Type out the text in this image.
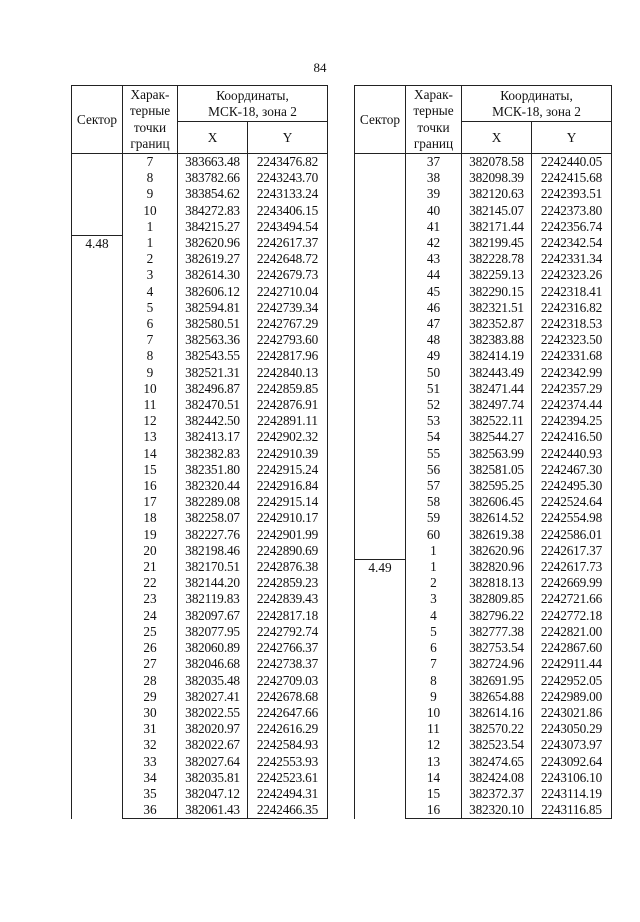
84
Сектор	Харак-
терные
точки
границ	Координаты,
МСК-18, зона 2	
		X	Y
	7	383663.48	2243476.82
	8	383782.66	2243243.70
	9	383854.62	2243133.24
	10	384272.83	2243406.15
	1	384215.27	2243494.54
4.48	1	382620.96	2242617.37
	2	382619.27	2242648.72
	3	382614.30	2242679.73
	4	382606.12	2242710.04
	5	382594.81	2242739.34
	6	382580.51	2242767.29
	7	382563.36	2242793.60
	8	382543.55	2242817.96
	9	382521.31	2242840.13
	10	382496.87	2242859.85
	11	382470.51	2242876.91
	12	382442.50	2242891.11
	13	382413.17	2242902.32
	14	382382.83	2242910.39
	15	382351.80	2242915.24
	16	382320.44	2242916.84
	17	382289.08	2242915.14
	18	382258.07	2242910.17
	19	382227.76	2242901.99
	20	382198.46	2242890.69
	21	382170.51	2242876.38
	22	382144.20	2242859.23
	23	382119.83	2242839.43
	24	382097.67	2242817.18
	25	382077.95	2242792.74
	26	382060.89	2242766.37
	27	382046.68	2242738.37
	28	382035.48	2242709.03
	29	382027.41	2242678.68
	30	382022.55	2242647.66
	31	382020.97	2242616.29
	32	382022.67	2242584.93
	33	382027.64	2242553.93
	34	382035.81	2242523.61
	35	382047.12	2242494.31
	36	382061.43	2242466.35
Сектор	Харак-
терные
точки
границ	Координаты,
МСК-18, зона 2	
		X	Y
	37	382078.58	2242440.05
	38	382098.39	2242415.68
	39	382120.63	2242393.51
	40	382145.07	2242373.80
	41	382171.44	2242356.74
	42	382199.45	2242342.54
	43	382228.78	2242331.34
	44	382259.13	2242323.26
	45	382290.15	2242318.41
	46	382321.51	2242316.82
	47	382352.87	2242318.53
	48	382383.88	2242323.50
	49	382414.19	2242331.68
	50	382443.49	2242342.99
	51	382471.44	2242357.29
	52	382497.74	2242374.44
	53	382522.11	2242394.25
	54	382544.27	2242416.50
	55	382563.99	2242440.93
	56	382581.05	2242467.30
	57	382595.25	2242495.30
	58	382606.45	2242524.64
	59	382614.52	2242554.98
	60	382619.38	2242586.01
	1	382620.96	2242617.37
4.49	1	382820.96	2242617.73
	2	382818.13	2242669.99
	3	382809.85	2242721.66
	4	382796.22	2242772.18
	5	382777.38	2242821.00
	6	382753.54	2242867.60
	7	382724.96	2242911.44
	8	382691.95	2242952.05
	9	382654.88	2242989.00
	10	382614.16	2243021.86
	11	382570.22	2243050.29
	12	382523.54	2243073.97
	13	382474.65	2243092.64
	14	382424.08	2243106.10
	15	382372.37	2243114.19
	16	382320.10	2243116.85
